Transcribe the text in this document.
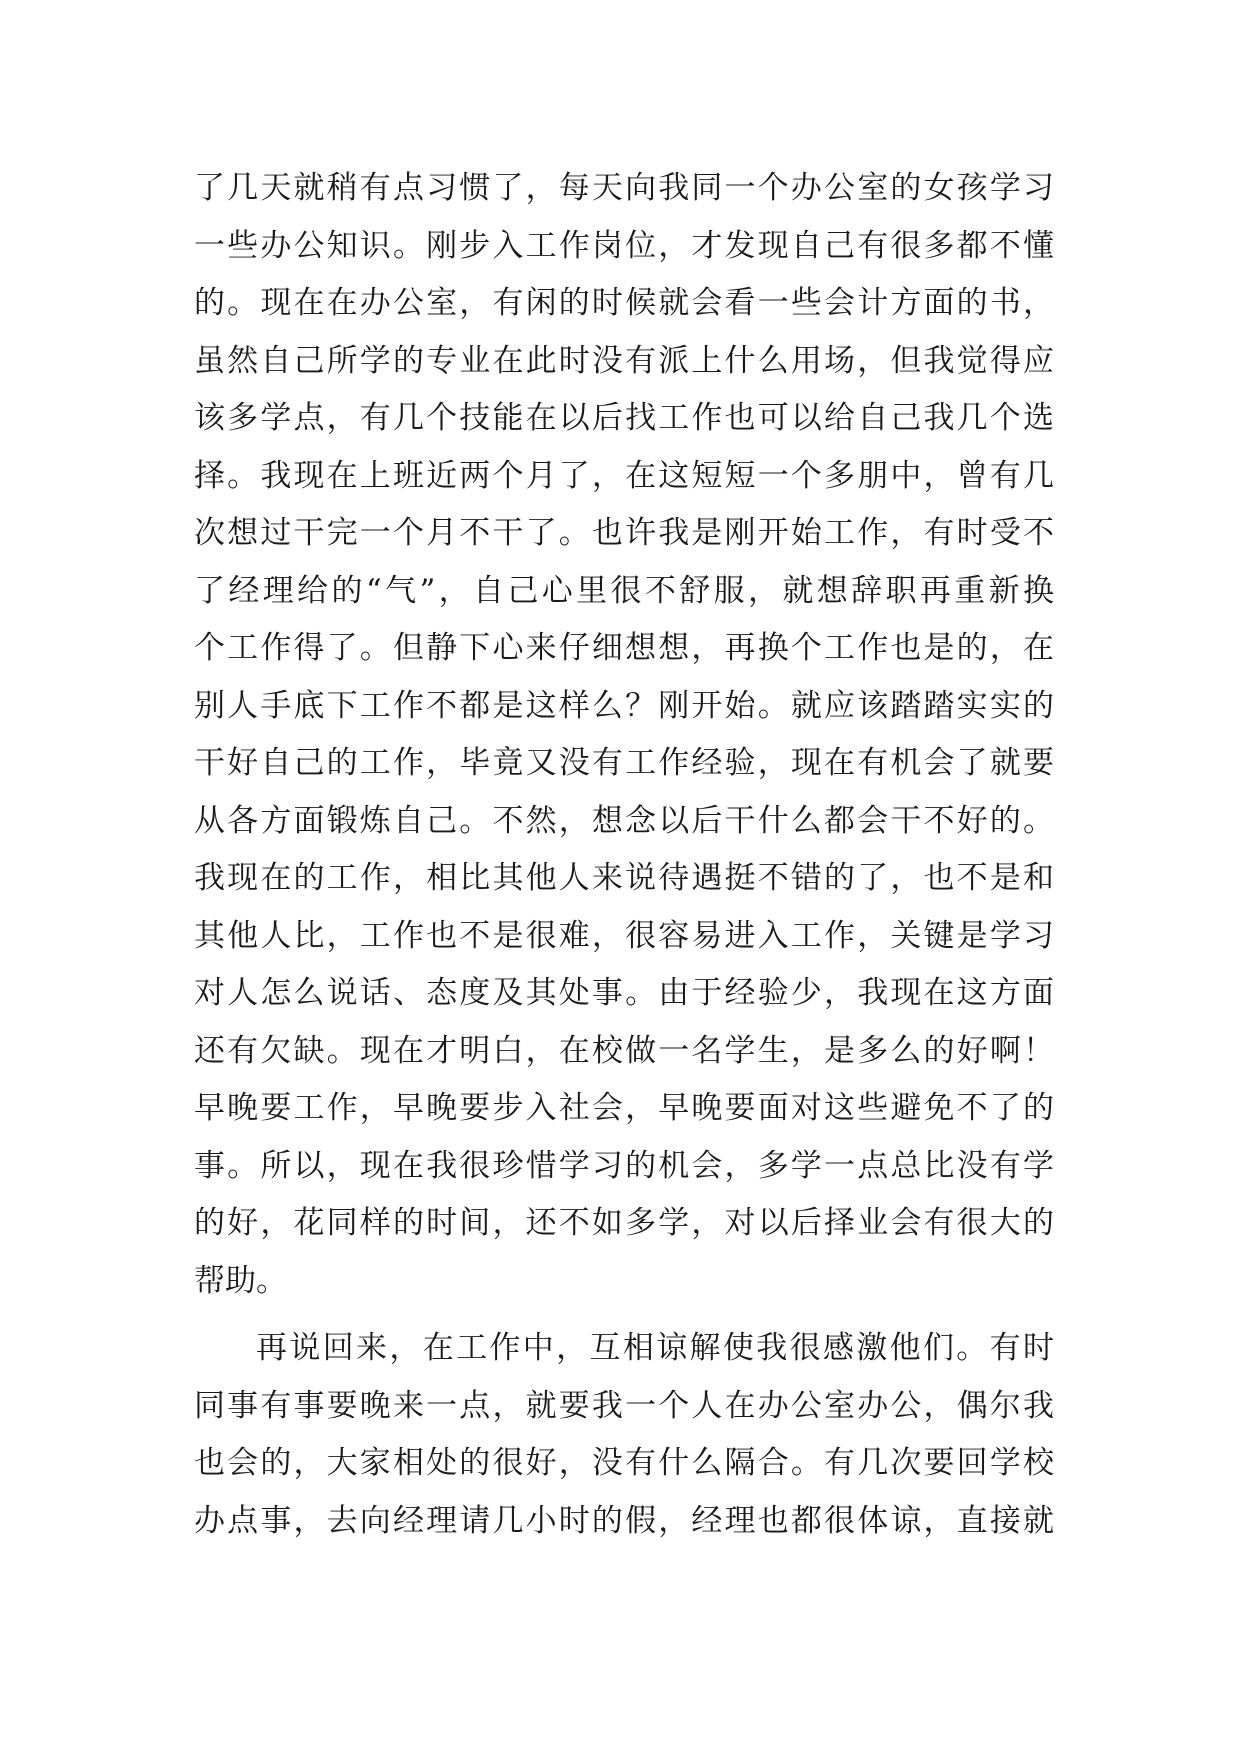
了几天就稍有点习惯了，每天向我同一个办公室的女孩学习
一些办公知识。刚步入工作岗位，才发现自己有很多都不懂
的。现在在办公室，有闲的时候就会看一些会计方面的书，
虽然自己所学的专业在此时没有派上什么用场，但我觉得应
该多学点，有几个技能在以后找工作也可以给自己我几个选
择。我现在上班近两个月了，在这短短一个多朋中，曾有几
次想过干完一个月不干了。也许我是刚开始工作，有时受不
了经理给的“气”，自己心里很不舒服，就想辞职再重新换
个工作得了。但静下心来仔细想想，再换个工作也是的，在
别人手底下工作不都是这样么？刚开始。就应该踏踏实实的
干好自己的工作，毕竟又没有工作经验，现在有机会了就要
从各方面锻炼自己。不然，想念以后干什么都会干不好的。
我现在的工作，相比其他人来说待遇挺不错的了，也不是和
其他人比，工作也不是很难，很容易进入工作，关键是学习
对人怎么说话、态度及其处事。由于经验少，我现在这方面
还有欠缺。现在才明白，在校做一名学生，是多么的好啊！
早晚要工作，早晚要步入社会，早晚要面对这些避免不了的
事。所以，现在我很珍惜学习的机会，多学一点总比没有学
的好，花同样的时间，还不如多学，对以后择业会有很大的
帮助。
再说回来，在工作中，互相谅解使我很感激他们。有时
同事有事要晚来一点，就要我一个人在办公室办公，偶尔我
也会的，大家相处的很好，没有什么隔合。有几次要回学校
办点事，去向经理请几小时的假，经理也都很体谅，直接就
